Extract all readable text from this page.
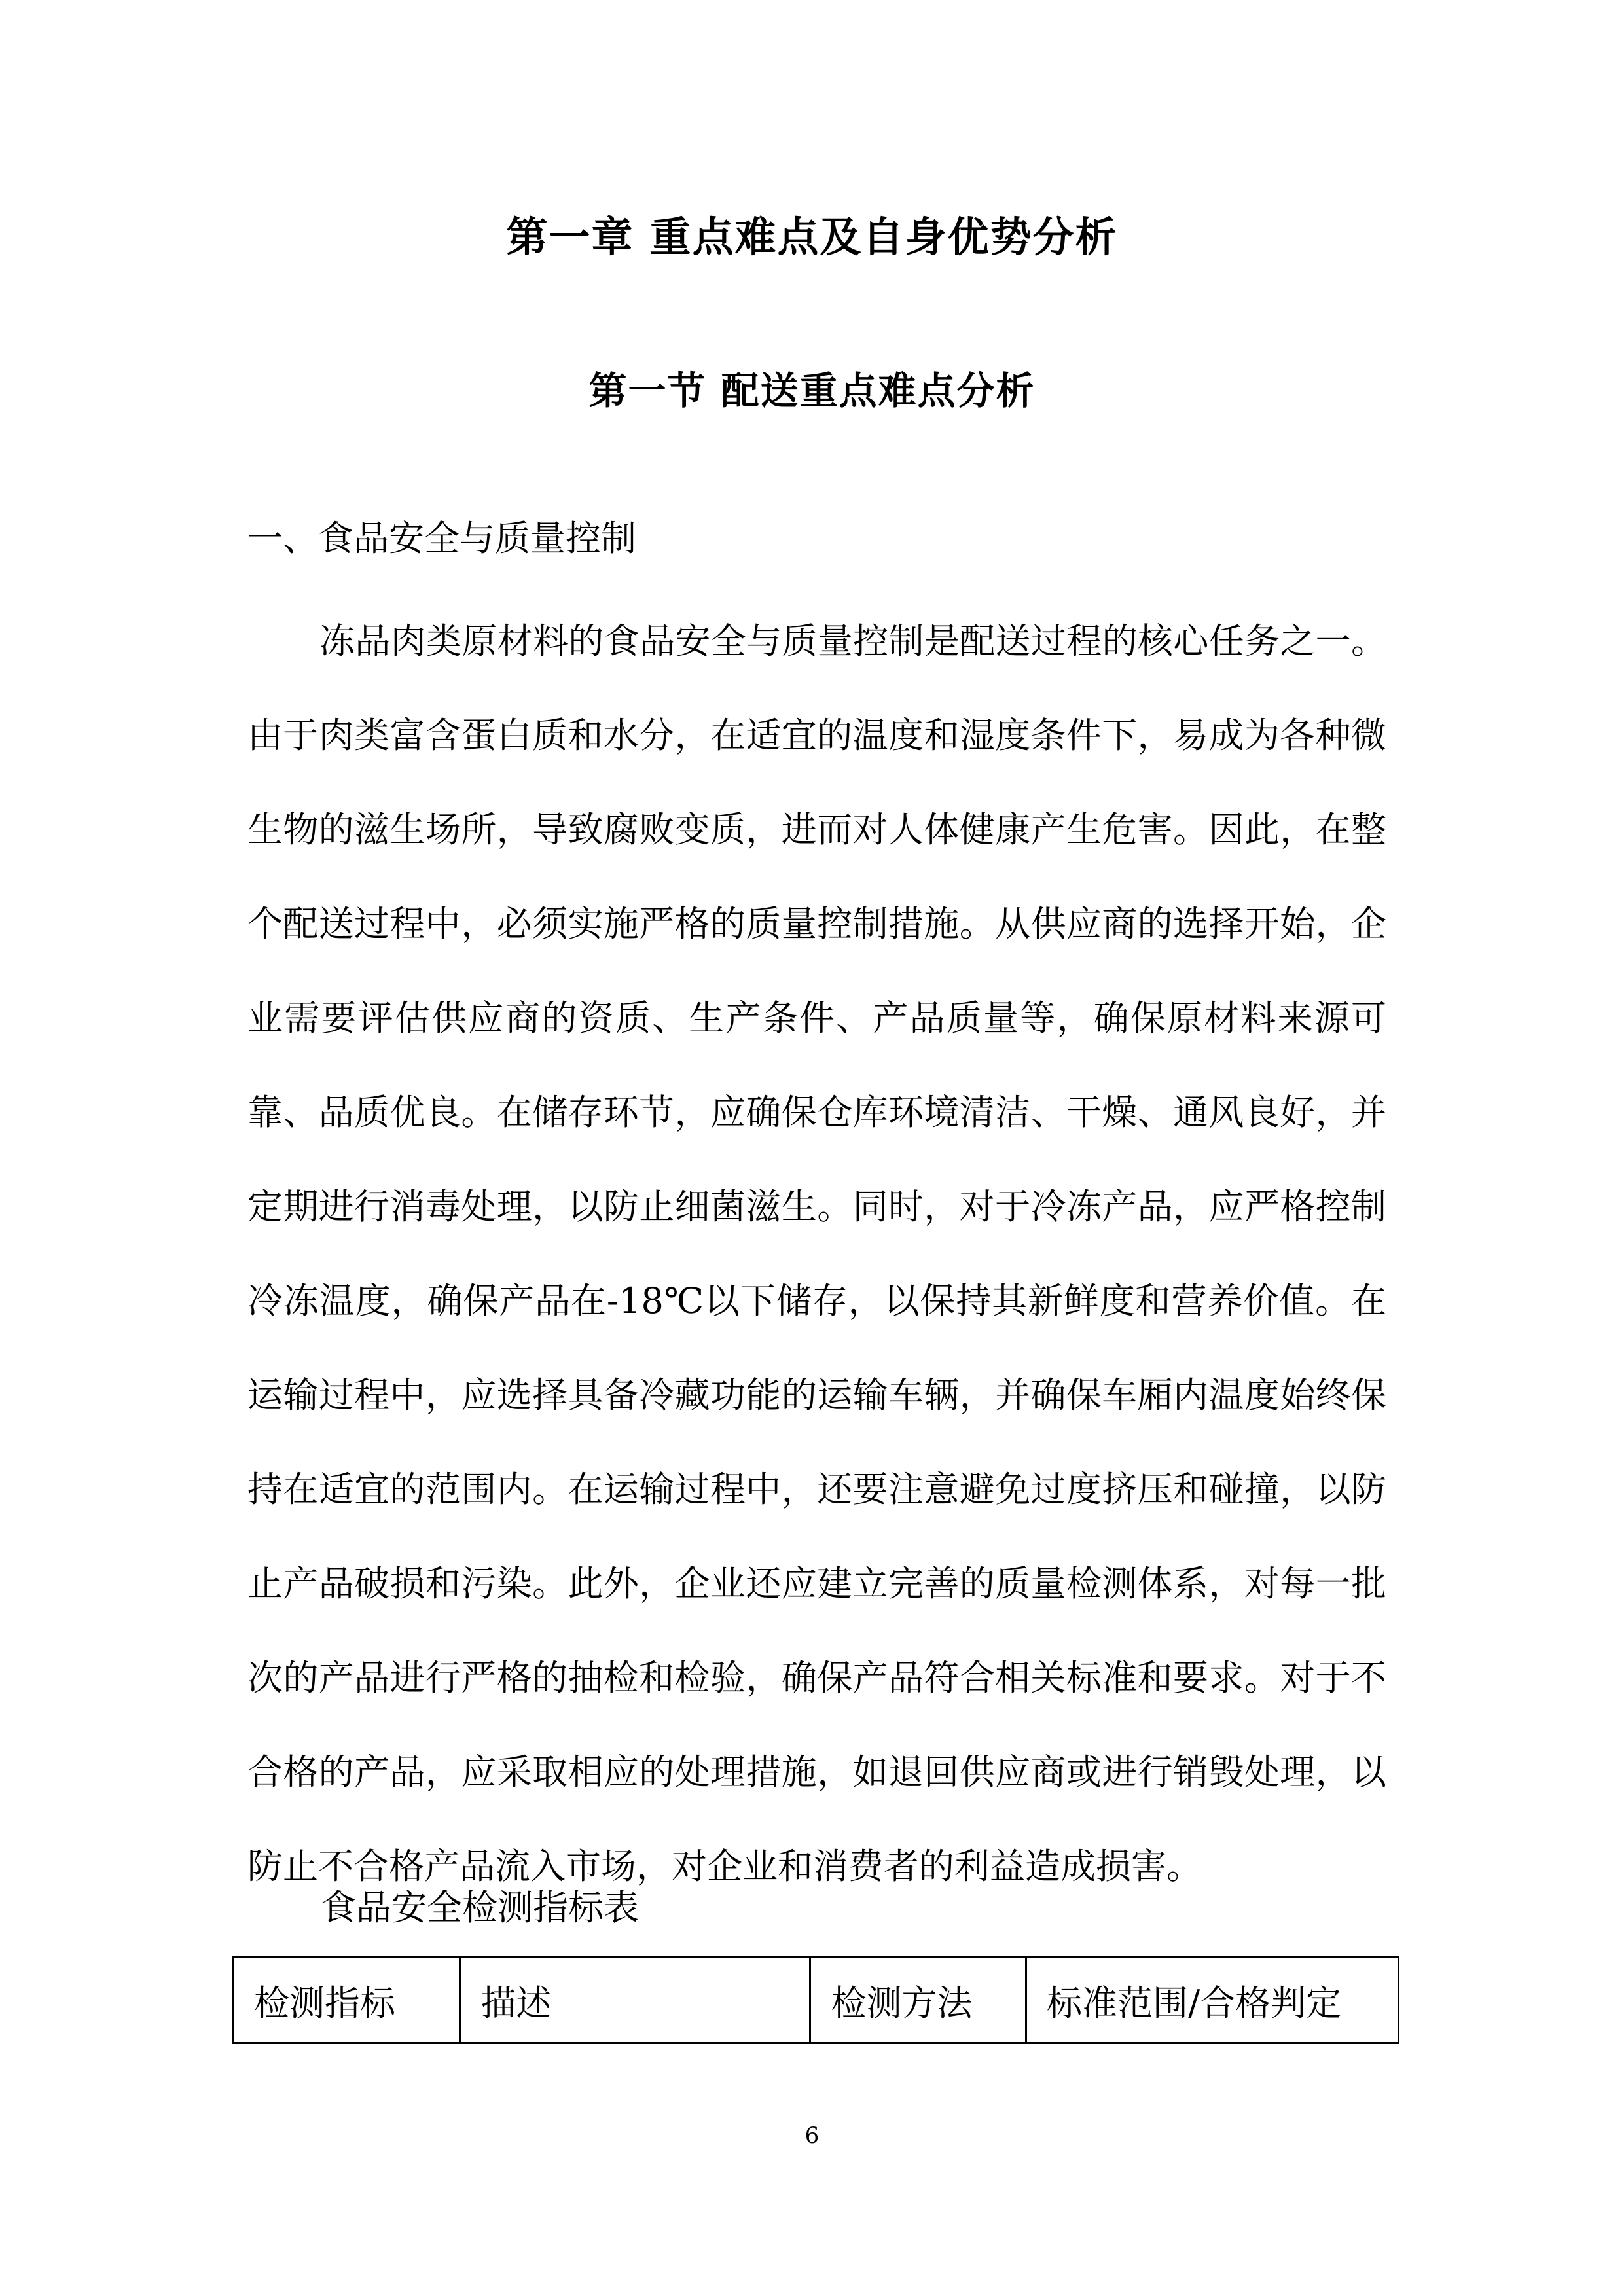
第一章 重点难点及自身优势分析
第一节 配送重点难点分析
一、食品安全与质量控制

冻品肉类原材料的食品安全与质量控制是配送过程的核心任务之一。由于肉类富含蛋白质和水分，在适宜的温度和湿度条件下，易成为各种微生物的滋生场所，导致腐败变质，进而对人体健康产生危害。因此，在整个配送过程中，必须实施严格的质量控制措施。从供应商的选择开始，企业需要评估供应商的资质、生产条件、产品质量等，确保原材料来源可靠、品质优良。在储存环节，应确保仓库环境清洁、干燥、通风良好，并定期进行消毒处理，以防止细菌滋生。同时，对于冷冻产品，应严格控制冷冻温度，确保产品在-18℃以下储存，以保持其新鲜度和营养价值。在运输过程中，应选择具备冷藏功能的运输车辆，并确保车厢内温度始终保持在适宜的范围内。在运输过程中，还要注意避免过度挤压和碰撞，以防止产品破损和污染。此外，企业还应建立完善的质量检测体系，对每一批次的产品进行严格的抽检和检验，确保产品符合相关标准和要求。对于不合格的产品，应采取相应的处理措施，如退回供应商或进行销毁处理，以防止不合格产品流入市场，对企业和消费者的利益造成损害。

食品安全检测指标表
检测指标	描述	检测方法	标准范围/合格判定
6
